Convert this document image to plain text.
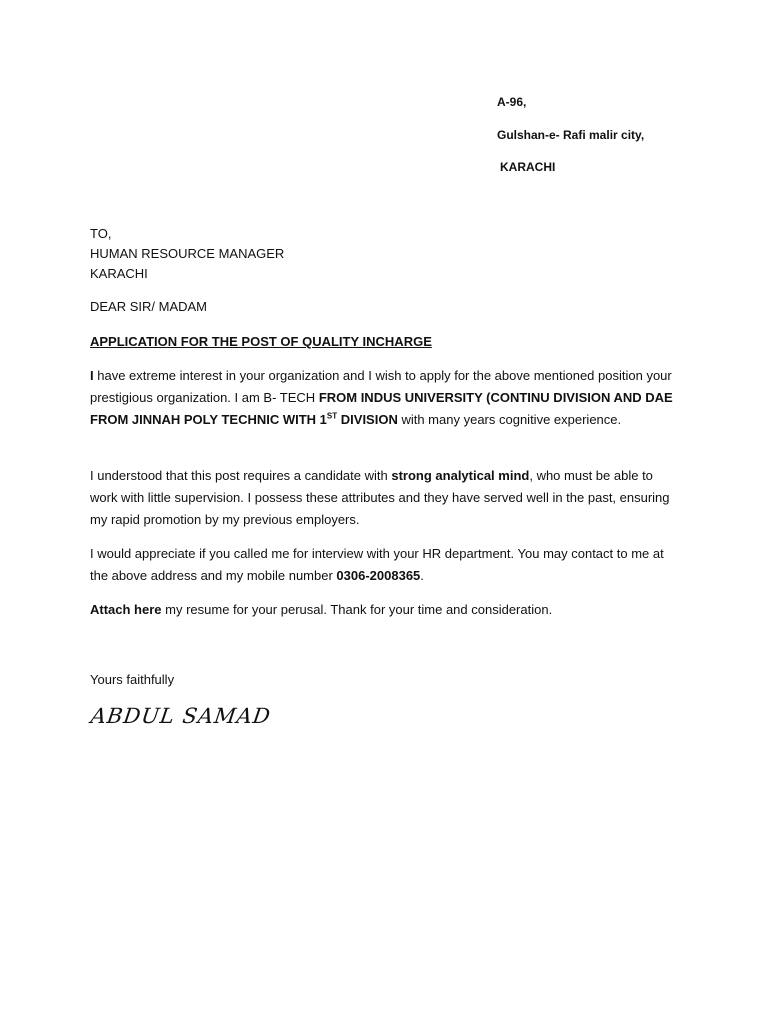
A-96,
Gulshan-e- Rafi malir city,
KARACHI
TO,
HUMAN RESOURCE MANAGER
KARACHI
DEAR SIR/ MADAM
APPLICATION FOR THE POST OF QUALITY INCHARGE

I have extreme interest in your organization and I wish to apply for the above mentioned position your prestigious organization. I am B- TECH FROM INDUS UNIVERSITY (CONTINU DIVISION AND DAE FROM JINNAH POLY TECHNIC WITH 1ST DIVISION with many years cognitive experience.

I understood that this post requires a candidate with strong analytical mind, who must be able to work with little supervision. I possess these attributes and they have served well in the past, ensuring my rapid promotion by my previous employers.

I would appreciate if you called me for interview with your HR department. You may contact to me at the above address and my mobile number 0306-2008365.

Attach here my resume for your perusal. Thank for your time and consideration.

Yours faithfully
ABDUL SAMAD
